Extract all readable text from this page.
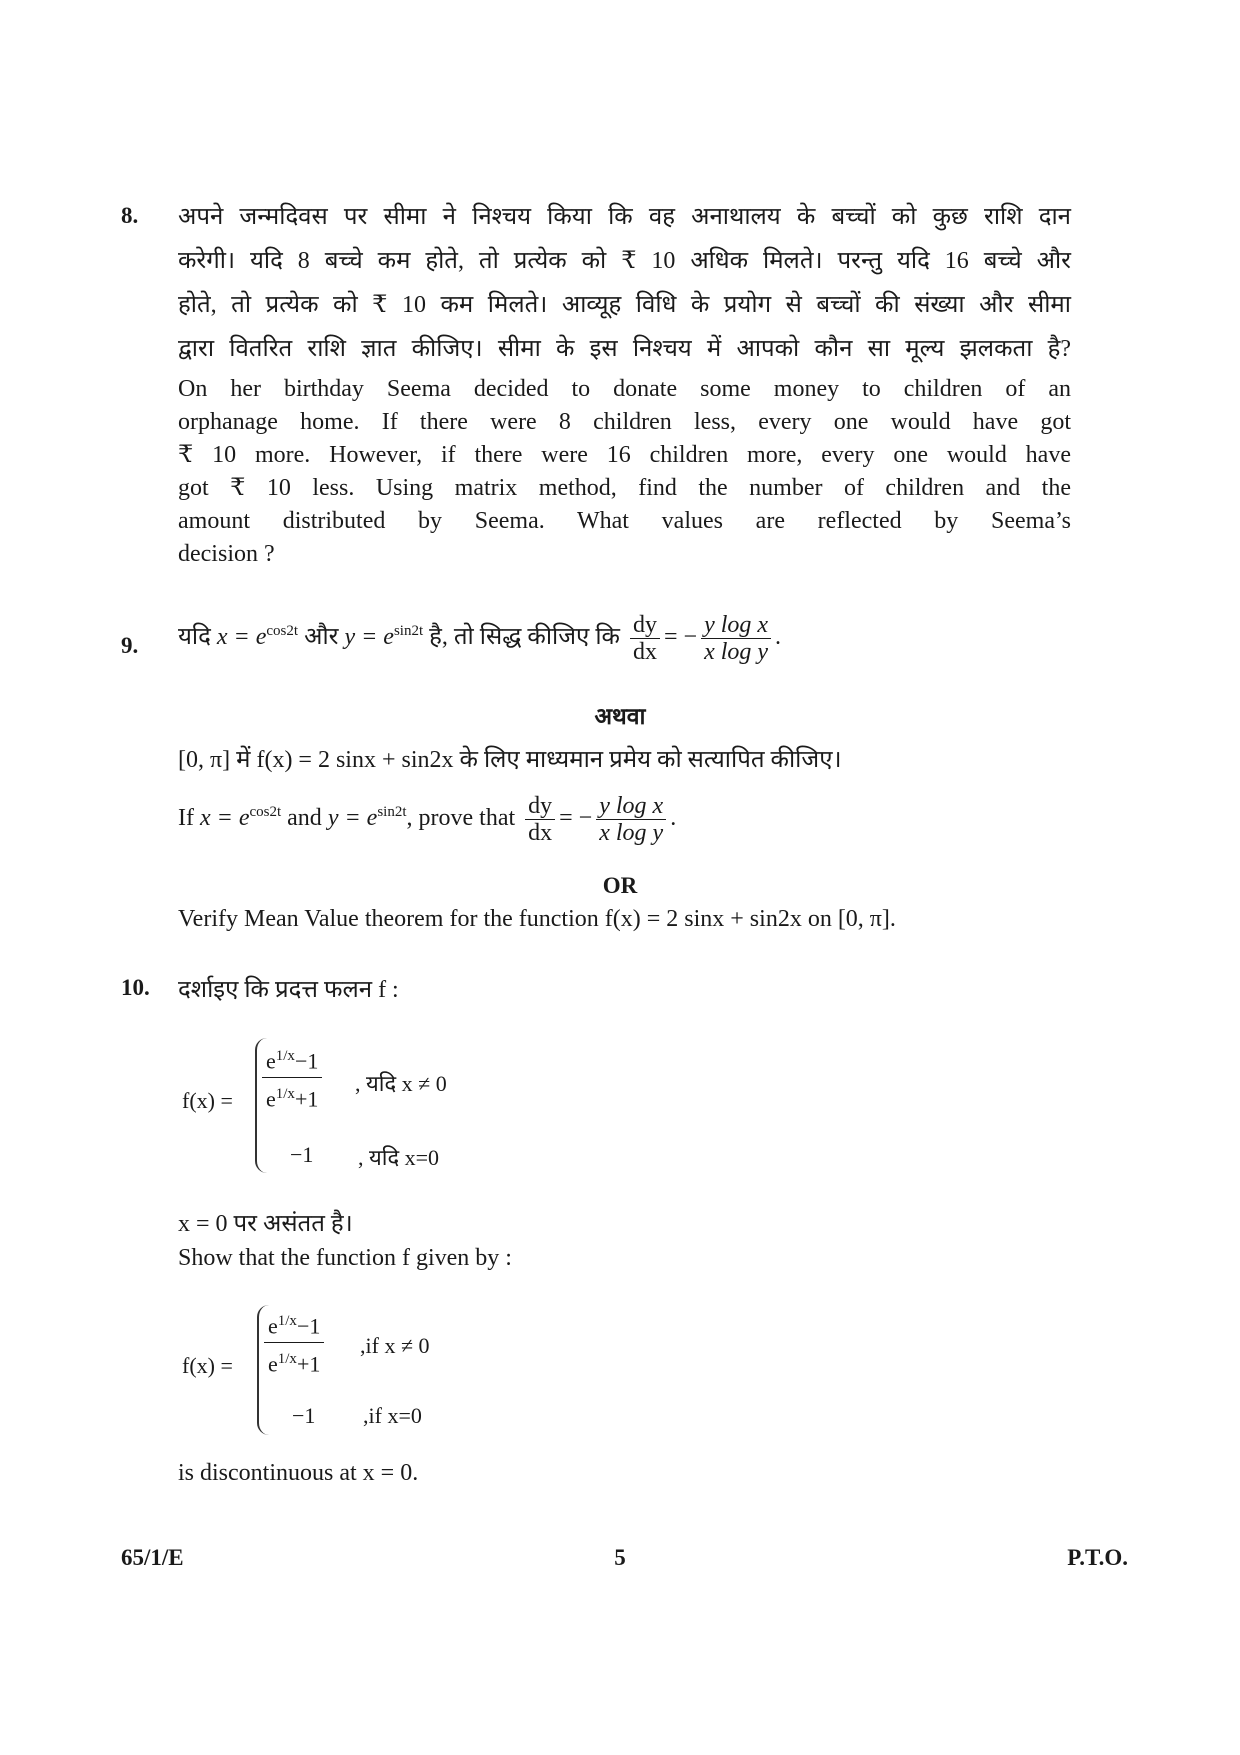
8. अपने जन्मदिवस पर सीमा ने निश्चय किया कि वह अनाथालय के बच्चों को कुछ राशि दान
करेगी। यदि 8 बच्चे कम होते, तो प्रत्येक को ₹ 10 अधिक मिलते। परन्तु यदि 16 बच्चे और
होते, तो प्रत्येक को ₹ 10 कम मिलते। आव्यूह विधि के प्रयोग से बच्चों की संख्या और सीमा
द्वारा वितरित राशि ज्ञात कीजिए। सीमा के इस निश्चय में आपको कौन सा मूल्य झलकता है?
On her birthday Seema decided to donate some money to children of an
orphanage home. If there were 8 children less, every one would have got
₹ 10 more. However, if there were 16 children more, every one would have
got ₹ 10 less. Using matrix method, find the number of children and the
amount distributed by Seema. What values are reflected by Seema’s
decision ?
9. यदि $x = e^{cos2t}$ और $y = e^{sin2t}$ है, तो सिद्ध कीजिए कि $\frac{dy}{dx}$ = − $\frac{\text{y log x}}{\text{x log y}}$ .
अथवा
[0, π] में f(x) = 2 sinx + sin2x के लिए माध्यमान प्रमेय को सत्यापित कीजिए।
If $x = e^{cos2t}$ and $y = e^{sin2t}$, prove that $\frac{dy}{dx}$ = − $\frac{\text{y log x}}{\text{x log y}}$ .
OR
Verify Mean Value theorem for the function f(x) = 2 sinx + sin2x on [0, π].
10. दर्शाइए कि प्रदत्त फलन f :
f(x) =
$e^{1/x}-1$
$e^{1/x}+1$
, यदि x ≠ 0
−1 , यदि x=0
x = 0 पर असंतत है।
Show that the function f given by :
f(x) =
$e^{1/x}-1$
$e^{1/x}+1$
,if x ≠ 0
−1 ,if x=0
is discontinuous at x = 0.
65/1/E	5	P.T.O.
